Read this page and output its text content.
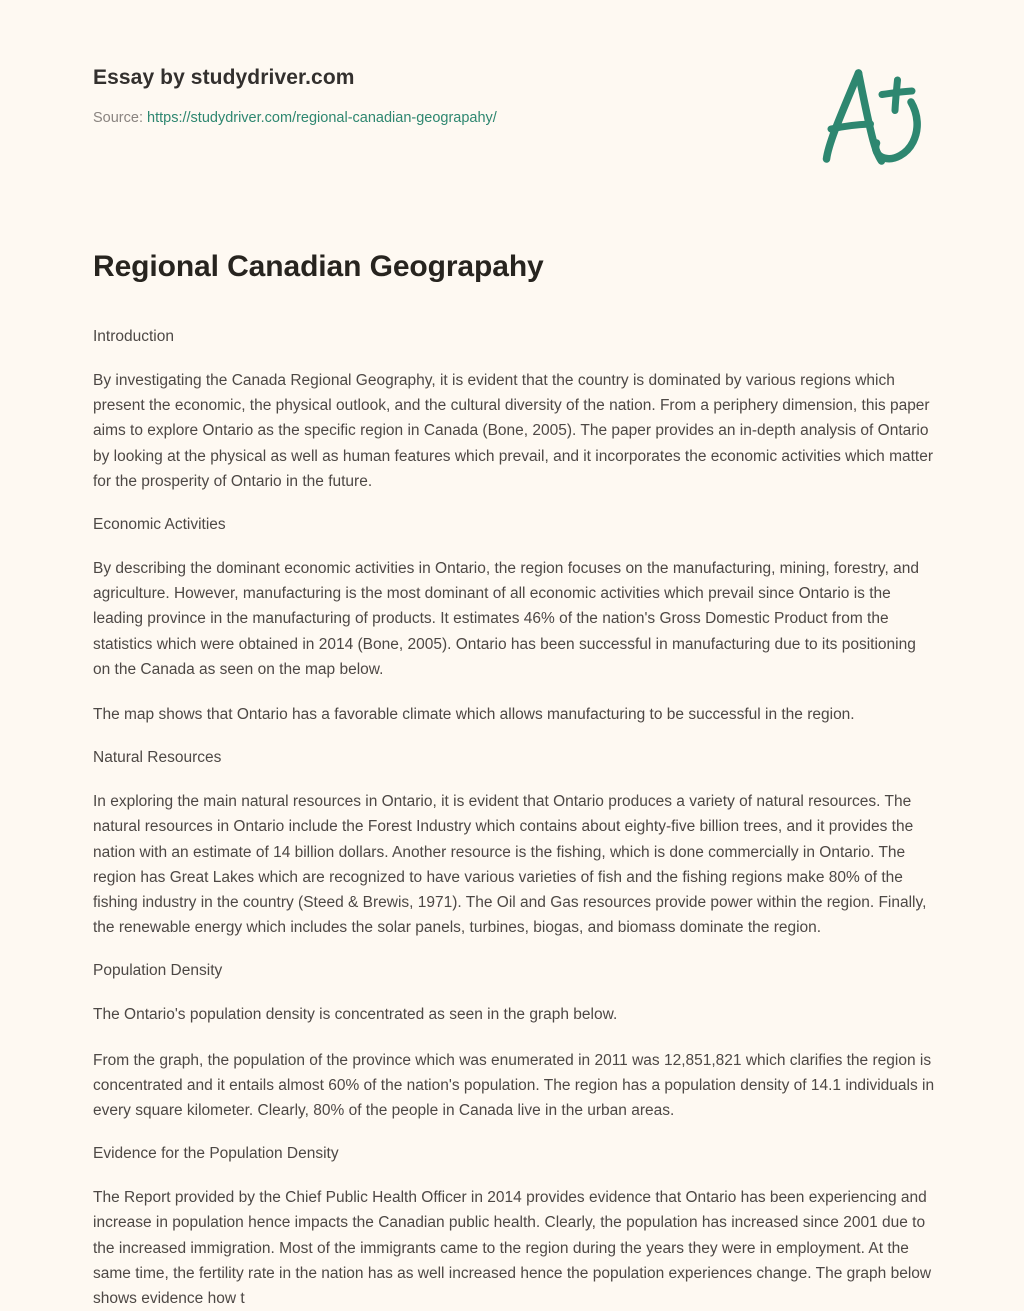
Essay by studydriver.com
Source: https://studydriver.com/regional-canadian-geograpahy/
Regional Canadian Geograpahy

Introduction

By investigating the Canada Regional Geography, it is evident that the country is dominated by various regions which present the economic, the physical outlook, and the cultural diversity of the nation. From a periphery dimension, this paper aims to explore Ontario as the specific region in Canada (Bone, 2005). The paper provides an in-depth analysis of Ontario by looking at the physical as well as human features which prevail, and it incorporates the economic activities which matter for the prosperity of Ontario in the future.

Economic Activities

By describing the dominant economic activities in Ontario, the region focuses on the manufacturing, mining, forestry, and agriculture. However, manufacturing is the most dominant of all economic activities which prevail since Ontario is the leading province in the manufacturing of products. It estimates 46% of the nation's Gross Domestic Product from the statistics which were obtained in 2014 (Bone, 2005). Ontario has been successful in manufacturing due to its positioning on the Canada as seen on the map below.

The map shows that Ontario has a favorable climate which allows manufacturing to be successful in the region.

Natural Resources

In exploring the main natural resources in Ontario, it is evident that Ontario produces a variety of natural resources. The natural resources in Ontario include the Forest Industry which contains about eighty-five billion trees, and it provides the nation with an estimate of 14 billion dollars. Another resource is the fishing, which is done commercially in Ontario. The region has Great Lakes which are recognized to have various varieties of fish and the fishing regions make 80% of the fishing industry in the country (Steed & Brewis, 1971). The Oil and Gas resources provide power within the region. Finally, the renewable energy which includes the solar panels, turbines, biogas, and biomass dominate the region.

Population Density

The Ontario's population density is concentrated as seen in the graph below.

From the graph, the population of the province which was enumerated in 2011 was 12,851,821 which clarifies the region is concentrated and it entails almost 60% of the nation's population. The region has a population density of 14.1 individuals in every square kilometer. Clearly, 80% of the people in Canada live in the urban areas.

Evidence for the Population Density

The Report provided by the Chief Public Health Officer in 2014 provides evidence that Ontario has been experiencing and increase in population hence impacts the Canadian public health. Clearly, the population has increased since 2001 due to the increased immigration. Most of the immigrants came to the region during the years they were in employment. At the same time, the fertility rate in the nation has as well increased hence the population experiences change. The graph below shows evidence how t
